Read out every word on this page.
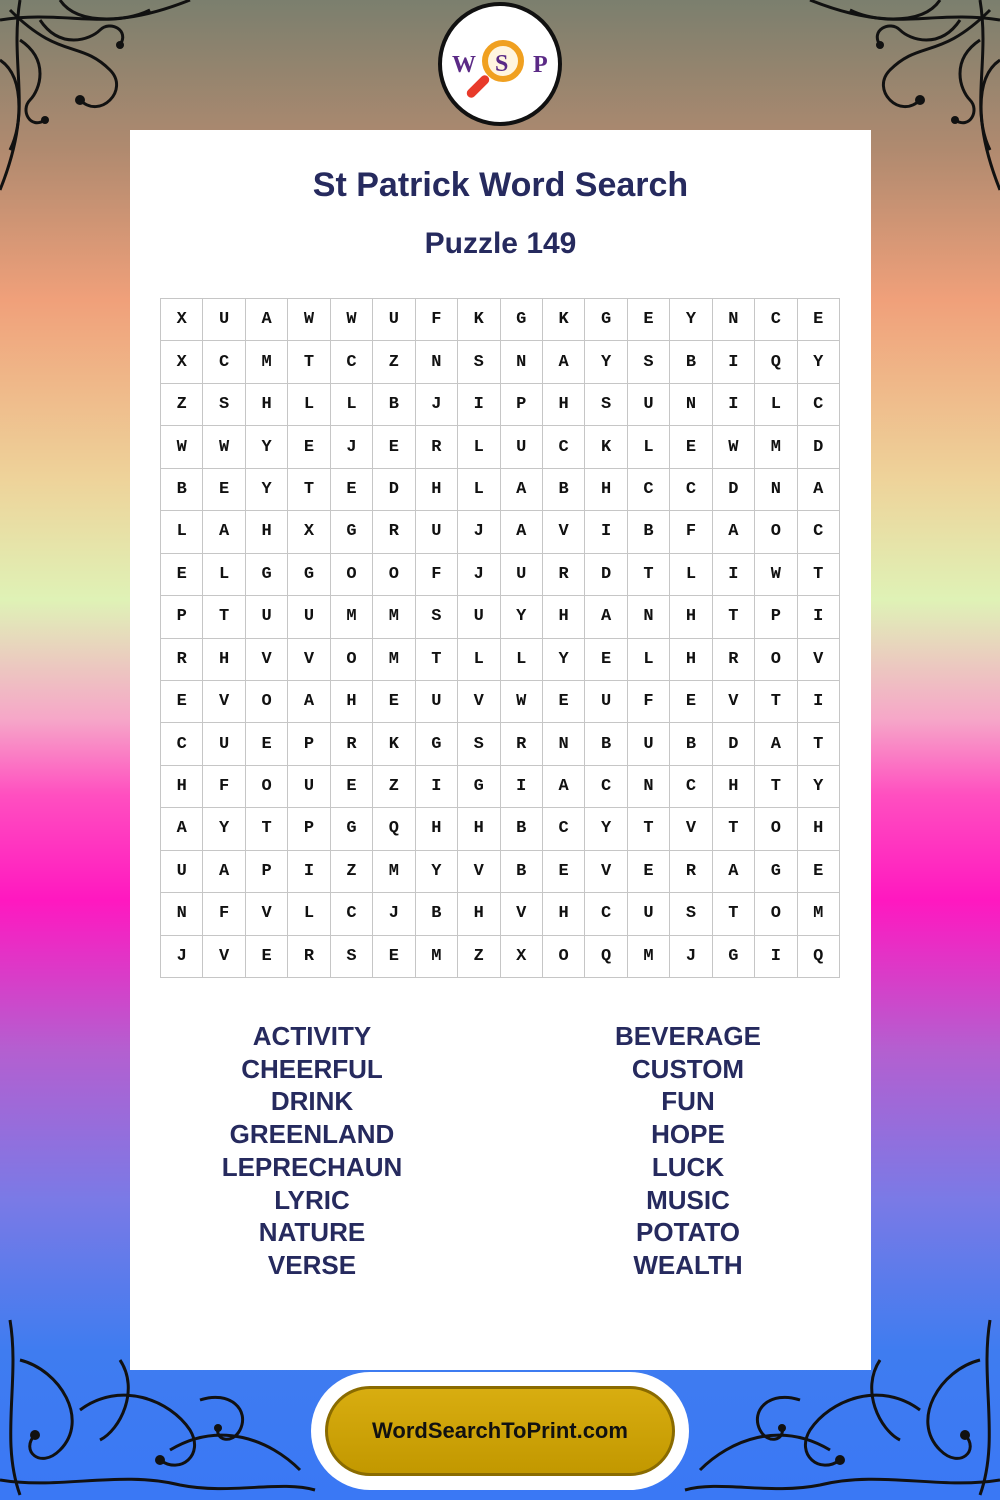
W S P
St Patrick Word Search
Puzzle 149
X	U	A	W	W	U	F	K	G	K	G	E	Y	N	C	E
X	C	M	T	C	Z	N	S	N	A	Y	S	B	I	Q	Y
Z	S	H	L	L	B	J	I	P	H	S	U	N	I	L	C
W	W	Y	E	J	E	R	L	U	C	K	L	E	W	M	D
B	E	Y	T	E	D	H	L	A	B	H	C	C	D	N	A
L	A	H	X	G	R	U	J	A	V	I	B	F	A	O	C
E	L	G	G	O	O	F	J	U	R	D	T	L	I	W	T
P	T	U	U	M	M	S	U	Y	H	A	N	H	T	P	I
R	H	V	V	O	M	T	L	L	Y	E	L	H	R	O	V
E	V	O	A	H	E	U	V	W	E	U	F	E	V	T	I
C	U	E	P	R	K	G	S	R	N	B	U	B	D	A	T
H	F	O	U	E	Z	I	G	I	A	C	N	C	H	T	Y
A	Y	T	P	G	Q	H	H	B	C	Y	T	V	T	O	H
U	A	P	I	Z	M	Y	V	B	E	V	E	R	A	G	E
N	F	V	L	C	J	B	H	V	H	C	U	S	T	O	M
J	V	E	R	S	E	M	Z	X	O	Q	M	J	G	I	Q
ACTIVITY
CHEERFUL
DRINK
GREENLAND
LEPRECHAUN
LYRIC
NATURE
VERSE
BEVERAGE
CUSTOM
FUN
HOPE
LUCK
MUSIC
POTATO
WEALTH
WordSearchToPrint.com
